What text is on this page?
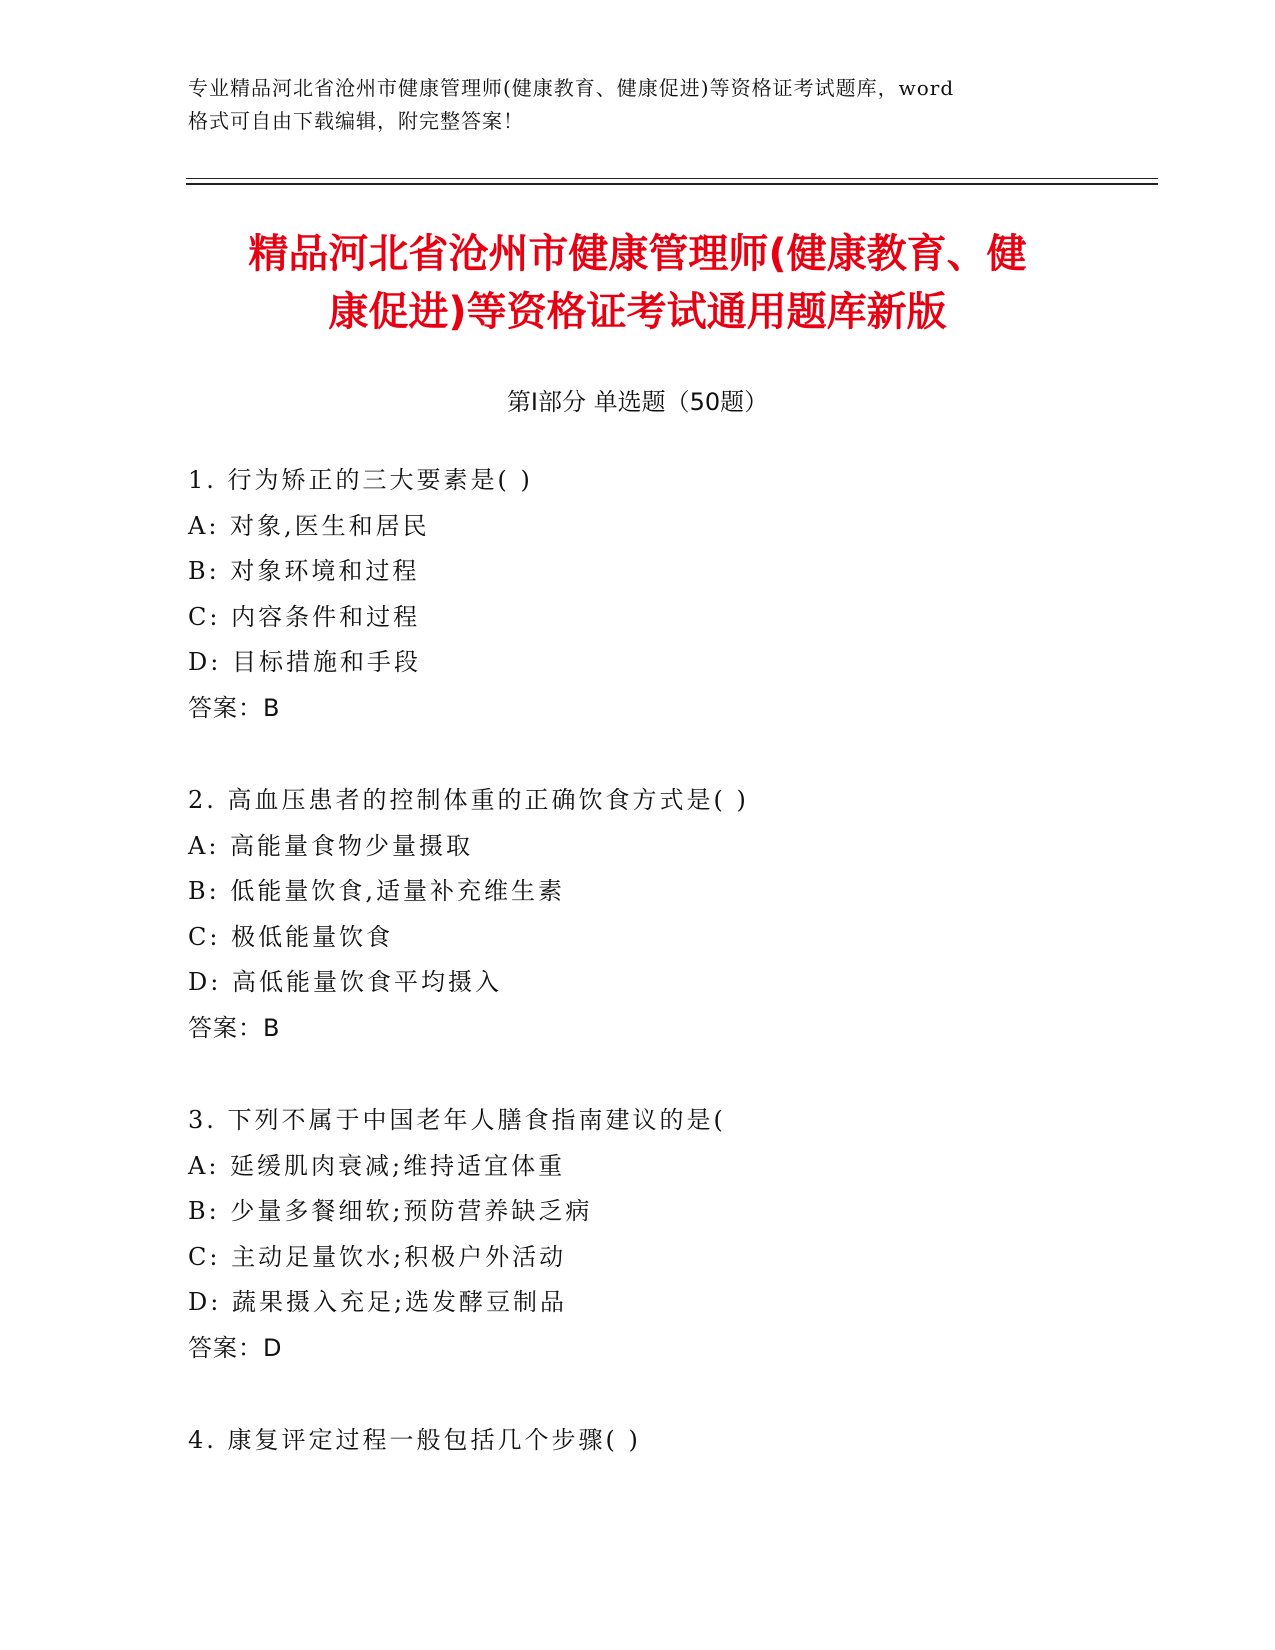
专业精品河北省沧州市健康管理师(健康教育、健康促进)等资格证考试题库，word
格式可自由下载编辑，附完整答案！
精品河北省沧州市健康管理师(健康教育、健
康促进)等资格证考试通用题库新版
第Ⅰ部分 单选题（50题）
1. 行为矫正的三大要素是( )
A: 对象,医生和居民
B: 对象环境和过程
C: 内容条件和过程
D: 目标措施和手段
答案：B
2. 高血压患者的控制体重的正确饮食方式是( )
A: 高能量食物少量摄取
B: 低能量饮食,适量补充维生素
C: 极低能量饮食
D: 高低能量饮食平均摄入
答案：B
3. 下列不属于中国老年人膳食指南建议的是(
A: 延缓肌肉衰减;维持适宜体重
B: 少量多餐细软;预防营养缺乏病
C: 主动足量饮水;积极户外活动
D: 蔬果摄入充足;选发酵豆制品
答案：D
4. 康复评定过程一般包括几个步骤( )
